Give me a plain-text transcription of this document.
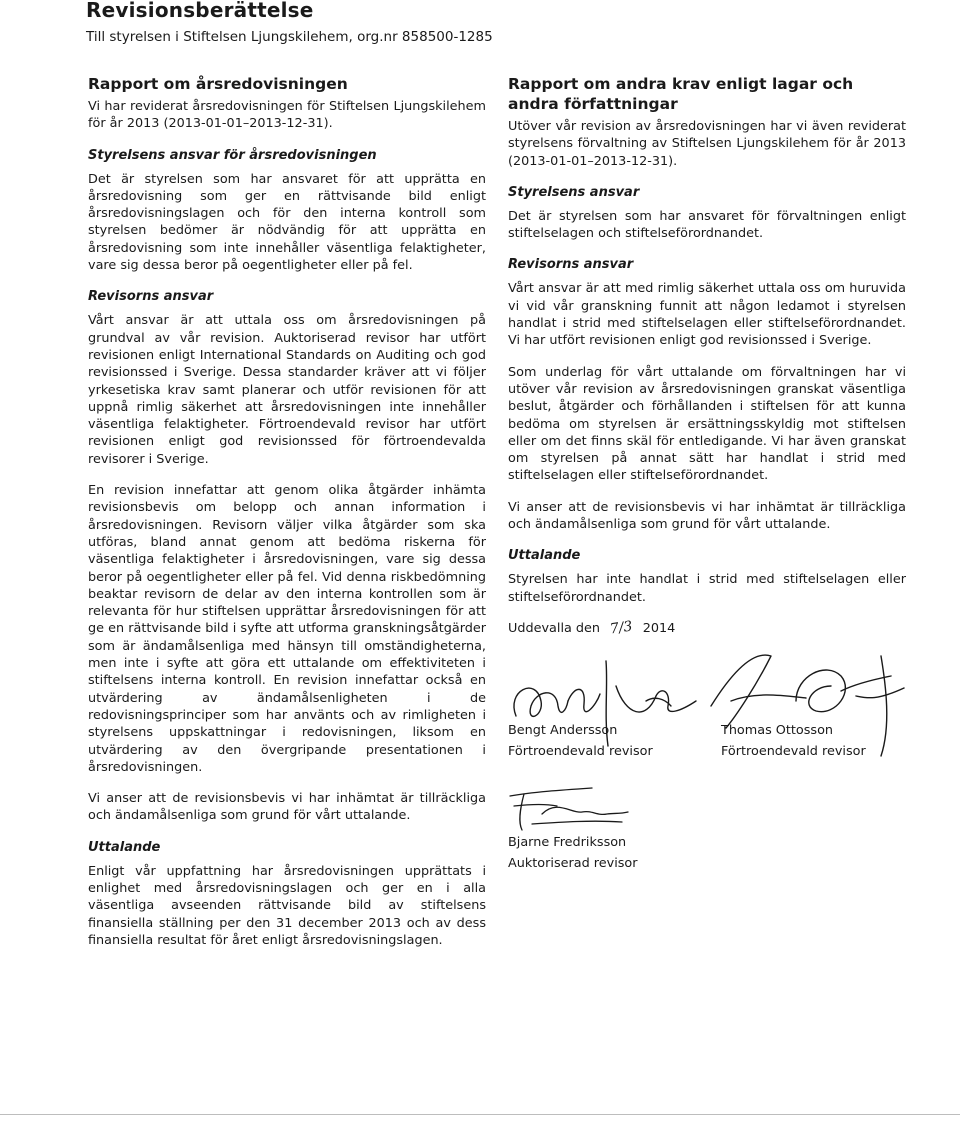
Revisionsberättelse
Till styrelsen i Stiftelsen Ljungskilehem, org.nr 858500-1285
Rapport om årsredovisningen

Vi har reviderat årsredovisningen för Stiftelsen Ljungskilehem för år 2013 (2013-01-01–2013-12-31).

Styrelsens ansvar för årsredovisningen

Det är styrelsen som har ansvaret för att upprätta en årsredovisning som ger en rättvisande bild enligt årsredovisningslagen och för den interna kontroll som styrelsen bedömer är nödvändig för att upprätta en årsredovisning som inte innehåller väsentliga felaktigheter, vare sig dessa beror på oegentligheter eller på fel.

Revisorns ansvar

Vårt ansvar är att uttala oss om årsredovisningen på grundval av vår revision. Auktoriserad revisor har utfört revisionen enligt International Standards on Auditing och god revisionssed i Sverige. Dessa standarder kräver att vi följer yrkesetiska krav samt planerar och utför revisionen för att uppnå rimlig säkerhet att årsredovisningen inte innehåller väsentliga felaktigheter. Förtroendevald revisor har utfört revisionen enligt god revisionssed för förtroendevalda revisorer i Sverige.

En revision innefattar att genom olika åtgärder inhämta revisionsbevis om belopp och annan information i årsredovisningen. Revisorn väljer vilka åtgärder som ska utföras, bland annat genom att bedöma riskerna för väsentliga felaktigheter i årsredovisningen, vare sig dessa beror på oegentligheter eller på fel. Vid denna riskbedömning beaktar revisorn de delar av den interna kontrollen som är relevanta för hur stiftelsen upprättar årsredovisningen för att ge en rättvisande bild i syfte att utforma granskningsåtgärder som är ändamålsenliga med hänsyn till omständigheterna, men inte i syfte att göra ett uttalande om effektiviteten i stiftelsens interna kontroll. En revision innefattar också en utvärdering av ändamålsenligheten i de redovisningsprinciper som har använts och av rimligheten i styrelsens uppskattningar i redovisningen, liksom en utvärdering av den övergripande presentationen i årsredovisningen.

Vi anser att de revisionsbevis vi har inhämtat är tillräckliga och ändamålsenliga som grund för vårt uttalande.

Uttalande

Enligt vår uppfattning har årsredovisningen upprättats i enlighet med årsredovisningslagen och ger en i alla väsentliga avseenden rättvisande bild av stiftelsens finansiella ställning per den 31 december 2013 och av dess finansiella resultat för året enligt årsredovisningslagen.

Rapport om andra krav enligt lagar och andra författningar

Utöver vår revision av årsredovisningen har vi även reviderat styrelsens förvaltning av Stiftelsen Ljungskilehem för år 2013 (2013-01-01–2013-12-31).

Styrelsens ansvar

Det är styrelsen som har ansvaret för förvaltningen enligt stiftelselagen och stiftelseförordnandet.

Revisorns ansvar

Vårt ansvar är att med rimlig säkerhet uttala oss om huruvida vi vid vår granskning funnit att någon ledamot i styrelsen handlat i strid med stiftelselagen eller stiftelseförordnandet. Vi har utfört revisionen enligt god revisionssed i Sverige.

Som underlag för vårt uttalande om förvaltningen har vi utöver vår revision av årsredovisningen granskat väsentliga beslut, åtgärder och förhållanden i stiftelsen för att kunna bedöma om styrelsen är ersättningsskyldig mot stiftelsen eller om det finns skäl för entledigande. Vi har även granskat om styrelsen på annat sätt har handlat i strid med stiftelselagen eller stiftelseförordnandet.

Vi anser att de revisionsbevis vi har inhämtat är tillräckliga och ändamålsenliga som grund för vårt uttalande.

Uttalande

Styrelsen har inte handlat i strid med stiftelselagen eller stiftelseförordnandet.

Uddevalla den 7/3 2014
Bengt Andersson
Förtroendevald revisor
Thomas Ottosson
Förtroendevald revisor
Bjarne Fredriksson
Auktoriserad revisor
